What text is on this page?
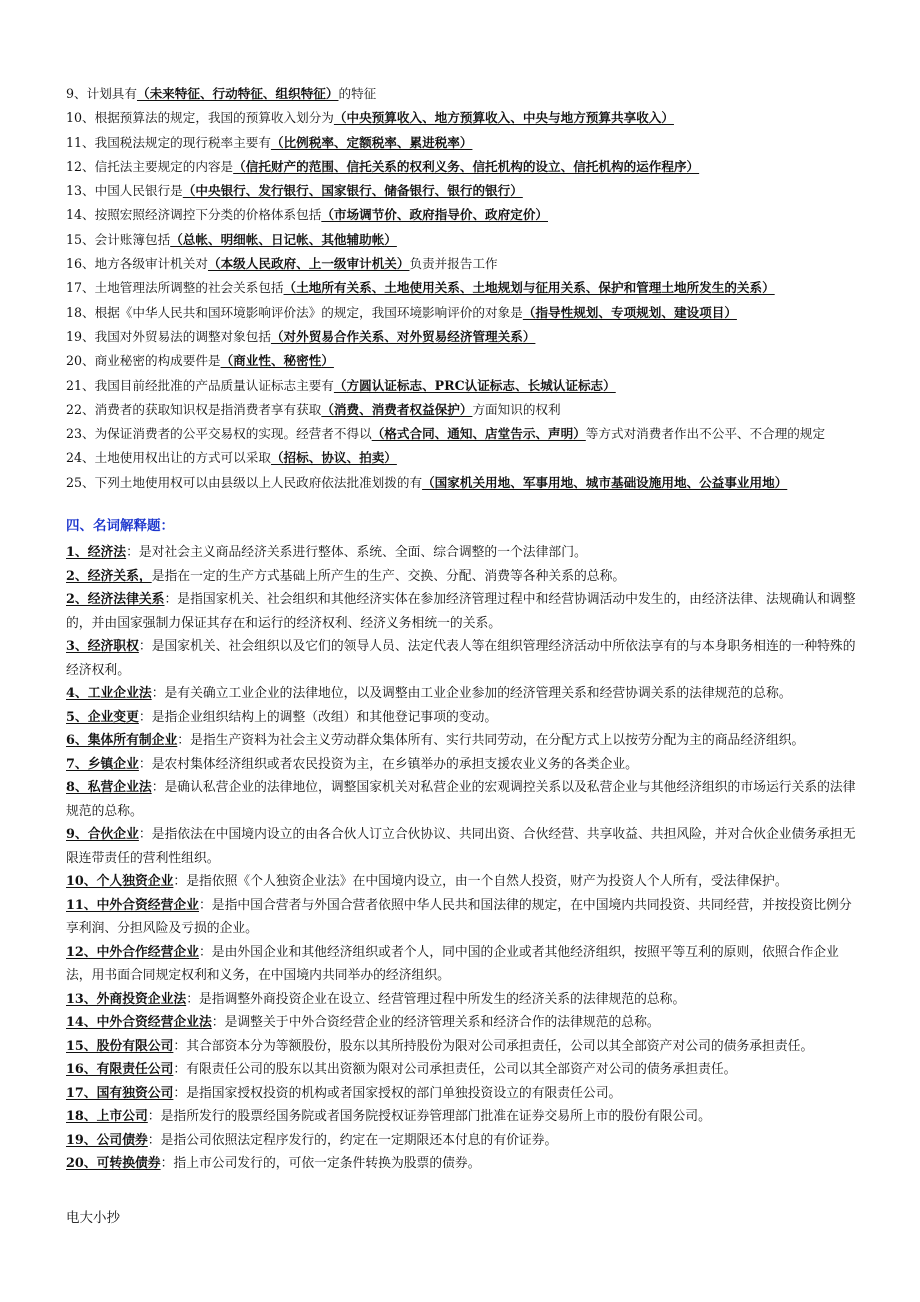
9、计划具有（未来特征、行动特征、组织特征）的特征
10、根据预算法的规定，我国的预算收入划分为（中央预算收入、地方预算收入、中央与地方预算共享收入）
11、我国税法规定的现行税率主要有（比例税率、定额税率、累进税率）
12、信托法主要规定的内容是（信托财产的范围、信托关系的权利义务、信托机构的设立、信托机构的运作程序）
13、中国人民银行是（中央银行、发行银行、国家银行、储备银行、银行的银行）
14、按照宏照经济调控下分类的价格体系包括（市场调节价、政府指导价、政府定价）
15、会计账簿包括（总帐、明细帐、日记帐、其他辅助帐）
16、地方各级审计机关对（本级人民政府、上一级审计机关）负责并报告工作
17、土地管理法所调整的社会关系包括（土地所有关系、土地使用关系、土地规划与征用关系、保护和管理土地所发生的关系）
18、根据《中华人民共和国环境影响评价法》的规定，我国环境影响评价的对象是（指导性规划、专项规划、建设项目）
19、我国对外贸易法的调整对象包括（对外贸易合作关系、对外贸易经济管理关系）
20、商业秘密的构成要件是（商业性、秘密性）
21、我国目前经批准的产品质量认证标志主要有（方圆认证标志、PRC认证标志、长城认证标志）
22、消费者的获取知识权是指消费者享有获取（消费、消费者权益保护）方面知识的权利
23、为保证消费者的公平交易权的实现。经营者不得以（格式合同、通知、店堂告示、声明）等方式对消费者作出不公平、不合理的规定
24、土地使用权出让的方式可以采取（招标、协议、拍卖）
25、下列土地使用权可以由县级以上人民政府依法批准划拨的有（国家机关用地、军事用地、城市基础设施用地、公益事业用地）
四、名词解释题：

1、经济法：是对社会主义商品经济关系进行整体、系统、全面、综合调整的一个法律部门。

2、经济关系，是指在一定的生产方式基础上所产生的生产、交换、分配、消费等各种关系的总称。

2、经济法律关系：是指国家机关、社会组织和其他经济实体在参加经济管理过程中和经营协调活动中发生的，由经济法律、法规确认和调整的，并由国家强制力保证其存在和运行的经济权利、经济义务相统一的关系。

3、经济职权：是国家机关、社会组织以及它们的领导人员、法定代表人等在组织管理经济活动中所依法享有的与本身职务相连的一种特殊的经济权利。

4、工业企业法：是有关确立工业企业的法律地位，以及调整由工业企业参加的经济管理关系和经营协调关系的法律规范的总称。

5、企业变更：是指企业组织结构上的调整（改组）和其他登记事项的变动。

6、集体所有制企业：是指生产资料为社会主义劳动群众集体所有、实行共同劳动，在分配方式上以按劳分配为主的商品经济组织。

7、乡镇企业：是农村集体经济组织或者农民投资为主，在乡镇举办的承担支援农业义务的各类企业。

8、私营企业法：是确认私营企业的法律地位，调整国家机关对私营企业的宏观调控关系以及私营企业与其他经济组织的市场运行关系的法律规范的总称。

9、合伙企业：是指依法在中国境内设立的由各合伙人订立合伙协议、共同出资、合伙经营、共享收益、共担风险，并对合伙企业债务承担无限连带责任的营利性组织。

10、个人独资企业：是指依照《个人独资企业法》在中国境内设立，由一个自然人投资，财产为投资人个人所有，受法律保护。

11、中外合资经营企业：是指中国合营者与外国合营者依照中华人民共和国法律的规定，在中国境内共同投资、共同经营，并按投资比例分享利润、分担风险及亏损的企业。

12、中外合作经营企业：是由外国企业和其他经济组织或者个人，同中国的企业或者其他经济组织，按照平等互利的原则，依照合作企业法，用书面合同规定权利和义务，在中国境内共同举办的经济组织。

13、外商投资企业法：是指调整外商投资企业在设立、经营管理过程中所发生的经济关系的法律规范的总称。

14、中外合资经营企业法：是调整关于中外合资经营企业的经济管理关系和经济合作的法律规范的总称。

15、股份有限公司：其合部资本分为等额股份，股东以其所持股份为限对公司承担责任，公司以其全部资产对公司的债务承担责任。

16、有限责任公司：有限责任公司的股东以其出资额为限对公司承担责任，公司以其全部资产对公司的债务承担责任。

17、国有独资公司：是指国家授权投资的机构或者国家授权的部门单独投资设立的有限责任公司。

18、上市公司：是指所发行的股票经国务院或者国务院授权证券管理部门批准在证券交易所上市的股份有限公司。

19、公司债券：是指公司依照法定程序发行的，约定在一定期限还本付息的有价证券。

20、可转换债券：指上市公司发行的，可依一定条件转换为股票的债券。

电大小抄
